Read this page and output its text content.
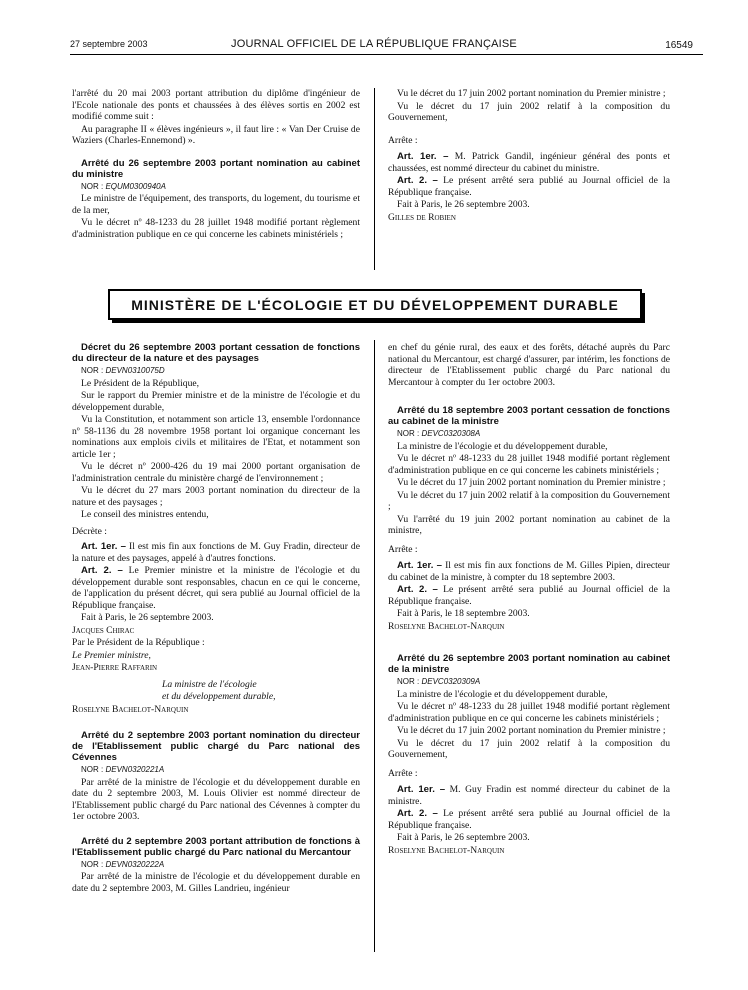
27 septembre 2003	JOURNAL OFFICIEL DE LA RÉPUBLIQUE FRANÇAISE	16549

l'arrêté du 20 mai 2003 portant attribution du diplôme d'ingénieur de l'Ecole nationale des ponts et chaussées à des élèves sortis en 2002 est modifié comme suit :

Au paragraphe II « élèves ingénieurs », il faut lire : « Van Der Cruise de Waziers (Charles-Ennemond) ».

Arrêté du 26 septembre 2003 portant nomination au cabinet du ministre

NOR : EQUM0300940A

Le ministre de l'équipement, des transports, du logement, du tourisme et de la mer,

Vu le décret nº 48-1233 du 28 juillet 1948 modifié portant règlement d'administration publique en ce qui concerne les cabinets ministériels ;

Vu le décret du 17 juin 2002 portant nomination du Premier ministre ;

Vu le décret du 17 juin 2002 relatif à la composition du Gouvernement,

Arrête :

Art. 1er. – M. Patrick Gandil, ingénieur général des ponts et chaussées, est nommé directeur du cabinet du ministre.

Art. 2. – Le présent arrêté sera publié au Journal officiel de la République française.

Fait à Paris, le 26 septembre 2003.

Gilles de Robien

MINISTÈRE DE L'ÉCOLOGIE ET DU DÉVELOPPEMENT DURABLE

Décret du 26 septembre 2003 portant cessation de fonctions du directeur de la nature et des paysages

NOR : DEVN0310075D

Le Président de la République,

Sur le rapport du Premier ministre et de la ministre de l'écologie et du développement durable,

Vu la Constitution, et notamment son article 13, ensemble l'ordonnance nº 58-1136 du 28 novembre 1958 portant loi organique concernant les nominations aux emplois civils et militaires de l'Etat, et notamment son article 1er ;

Vu le décret nº 2000-426 du 19 mai 2000 portant organisation de l'administration centrale du ministère chargé de l'environnement ;

Vu le décret du 27 mars 2003 portant nomination du directeur de la nature et des paysages ;

Le conseil des ministres entendu,

Décrète :

Art. 1er. – Il est mis fin aux fonctions de M. Guy Fradin, directeur de la nature et des paysages, appelé à d'autres fonctions.

Art. 2. – Le Premier ministre et la ministre de l'écologie et du développement durable sont responsables, chacun en ce qui le concerne, de l'application du présent décret, qui sera publié au Journal officiel de la République française.

Fait à Paris, le 26 septembre 2003.

Jacques Chirac

Par le Président de la République :

Le Premier ministre,

Jean-Pierre Raffarin

La ministre de l'écologie

et du développement durable,

Roselyne Bachelot-Narquin

Arrêté du 2 septembre 2003 portant nomination du directeur de l'Etablissement public chargé du Parc national des Cévennes

NOR : DEVN0320221A

Par arrêté de la ministre de l'écologie et du développement durable en date du 2 septembre 2003, M. Louis Olivier est nommé directeur de l'Etablissement public chargé du Parc national des Cévennes à compter du 1er octobre 2003.

Arrêté du 2 septembre 2003 portant attribution de fonctions à l'Etablissement public chargé du Parc national du Mercantour

NOR : DEVN0320222A

Par arrêté de la ministre de l'écologie et du développement durable en date du 2 septembre 2003, M. Gilles Landrieu, ingénieur

en chef du génie rural, des eaux et des forêts, détaché auprès du Parc national du Mercantour, est chargé d'assurer, par intérim, les fonctions de directeur de l'Etablissement public chargé du Parc national du Mercantour à compter du 1er octobre 2003.

Arrêté du 18 septembre 2003 portant cessation de fonctions au cabinet de la ministre

NOR : DEVC0320308A

La ministre de l'écologie et du développement durable,

Vu le décret nº 48-1233 du 28 juillet 1948 modifié portant règlement d'administration publique en ce qui concerne les cabinets ministériels ;

Vu le décret du 17 juin 2002 portant nomination du Premier ministre ;

Vu le décret du 17 juin 2002 relatif à la composition du Gouvernement ;

Vu l'arrêté du 19 juin 2002 portant nomination au cabinet de la ministre,

Arrête :

Art. 1er. – Il est mis fin aux fonctions de M. Gilles Pipien, directeur du cabinet de la ministre, à compter du 18 septembre 2003.

Art. 2. – Le présent arrêté sera publié au Journal officiel de la République française.

Fait à Paris, le 18 septembre 2003.

Roselyne Bachelot-Narquin

Arrêté du 26 septembre 2003 portant nomination au cabinet de la ministre

NOR : DEVC0320309A

La ministre de l'écologie et du développement durable,

Vu le décret nº 48-1233 du 28 juillet 1948 modifié portant règlement d'administration publique en ce qui concerne les cabinets ministériels ;

Vu le décret du 17 juin 2002 portant nomination du Premier ministre ;

Vu le décret du 17 juin 2002 relatif à la composition du Gouvernement,

Arrête :

Art. 1er. – M. Guy Fradin est nommé directeur du cabinet de la ministre.

Art. 2. – Le présent arrêté sera publié au Journal officiel de la République française.

Fait à Paris, le 26 septembre 2003.

Roselyne Bachelot-Narquin
